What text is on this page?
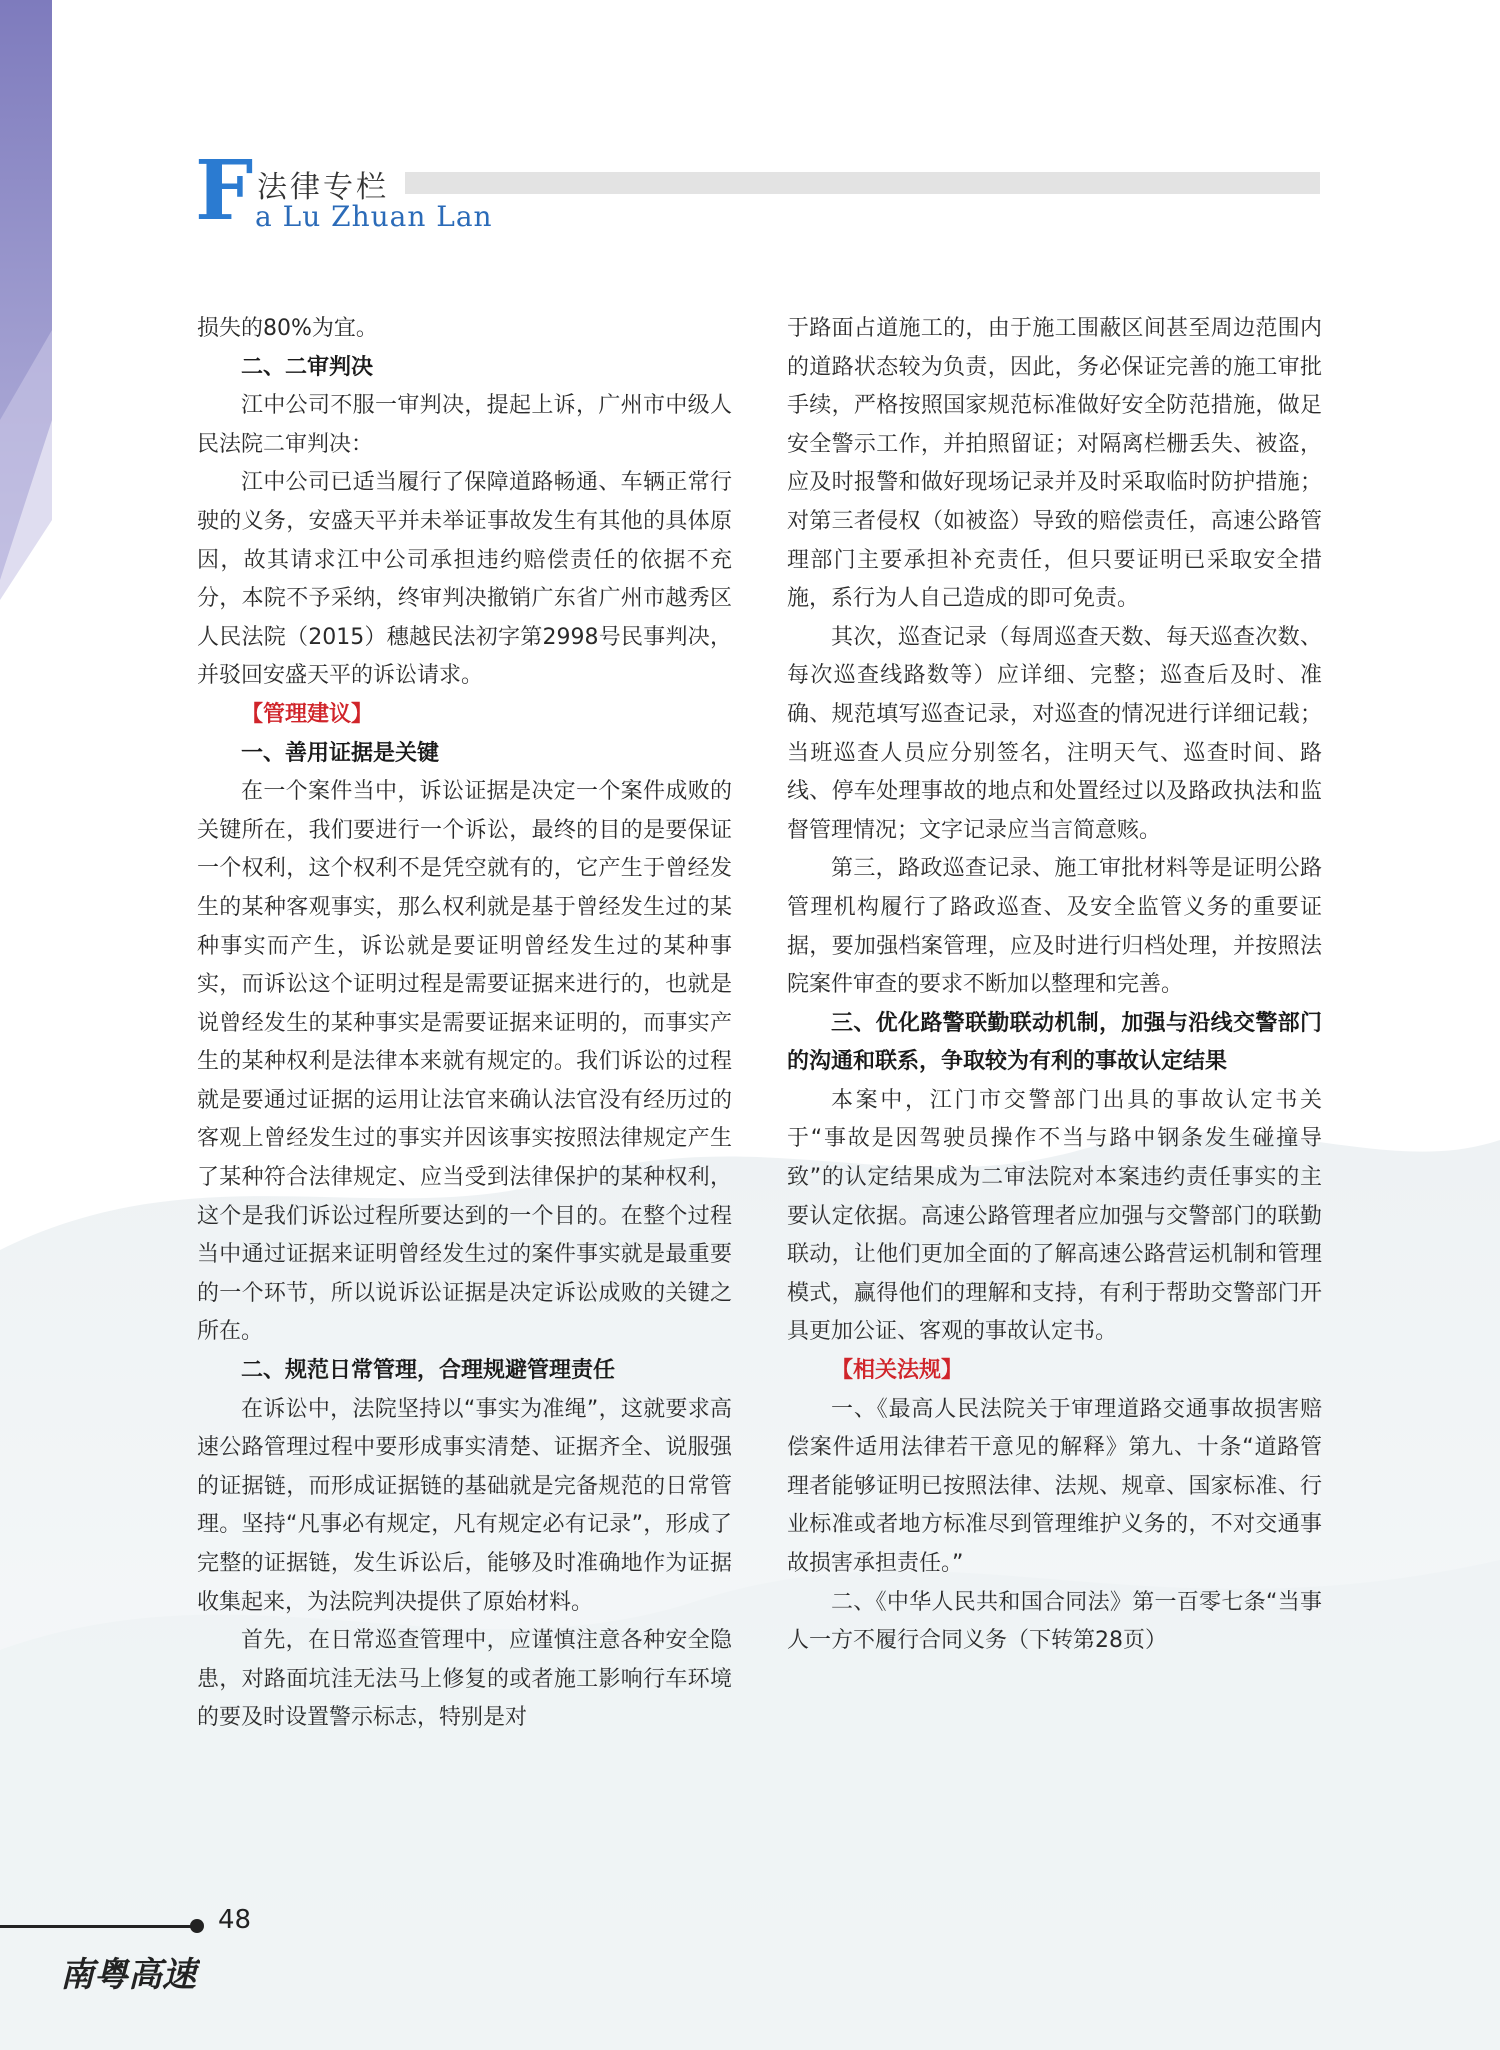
F 法律专栏
a Lu Zhuan Lan

损失的80%为宜。

二、二审判决

江中公司不服一审判决，提起上诉，广州市中级人民法院二审判决：

江中公司已适当履行了保障道路畅通、车辆正常行驶的义务，安盛天平并未举证事故发生有其他的具体原因，故其请求江中公司承担违约赔偿责任的依据不充分，本院不予采纳，终审判决撤销广东省广州市越秀区人民法院（2015）穗越民法初字第2998号民事判决，并驳回安盛天平的诉讼请求。

【管理建议】

一、善用证据是关键

在一个案件当中，诉讼证据是决定一个案件成败的关键所在，我们要进行一个诉讼，最终的目的是要保证一个权利，这个权利不是凭空就有的，它产生于曾经发生的某种客观事实，那么权利就是基于曾经发生过的某种事实而产生，诉讼就是要证明曾经发生过的某种事实，而诉讼这个证明过程是需要证据来进行的，也就是说曾经发生的某种事实是需要证据来证明的，而事实产生的某种权利是法律本来就有规定的。我们诉讼的过程就是要通过证据的运用让法官来确认法官没有经历过的客观上曾经发生过的事实并因该事实按照法律规定产生了某种符合法律规定、应当受到法律保护的某种权利，这个是我们诉讼过程所要达到的一个目的。在整个过程当中通过证据来证明曾经发生过的案件事实就是最重要的一个环节，所以说诉讼证据是决定诉讼成败的关键之所在。

二、规范日常管理，合理规避管理责任

在诉讼中，法院坚持以“事实为准绳”，这就要求高速公路管理过程中要形成事实清楚、证据齐全、说服强的证据链，而形成证据链的基础就是完备规范的日常管理。坚持“凡事必有规定，凡有规定必有记录”，形成了完整的证据链，发生诉讼后，能够及时准确地作为证据收集起来，为法院判决提供了原始材料。

首先，在日常巡查管理中，应谨慎注意各种安全隐患，对路面坑洼无法马上修复的或者施工影响行车环境的要及时设置警示标志，特别是对

于路面占道施工的，由于施工围蔽区间甚至周边范围内的道路状态较为负责，因此，务必保证完善的施工审批手续，严格按照国家规范标准做好安全防范措施，做足安全警示工作，并拍照留证；对隔离栏栅丢失、被盗，应及时报警和做好现场记录并及时采取临时防护措施；对第三者侵权（如被盗）导致的赔偿责任，高速公路管理部门主要承担补充责任，但只要证明已采取安全措施，系行为人自己造成的即可免责。

其次，巡查记录（每周巡查天数、每天巡查次数、每次巡查线路数等）应详细、完整；巡查后及时、准确、规范填写巡查记录，对巡查的情况进行详细记载；当班巡查人员应分别签名，注明天气、巡查时间、路线、停车处理事故的地点和处置经过以及路政执法和监督管理情况；文字记录应当言简意赅。

第三，路政巡查记录、施工审批材料等是证明公路管理机构履行了路政巡查、及安全监管义务的重要证据，要加强档案管理，应及时进行归档处理，并按照法院案件审查的要求不断加以整理和完善。

三、优化路警联勤联动机制，加强与沿线交警部门的沟通和联系，争取较为有利的事故认定结果

本案中，江门市交警部门出具的事故认定书关于“事故是因驾驶员操作不当与路中钢条发生碰撞导致”的认定结果成为二审法院对本案违约责任事实的主要认定依据。高速公路管理者应加强与交警部门的联勤联动，让他们更加全面的了解高速公路营运机制和管理模式，赢得他们的理解和支持，有利于帮助交警部门开具更加公证、客观的事故认定书。

【相关法规】

一、《最高人民法院关于审理道路交通事故损害赔偿案件适用法律若干意见的解释》第九、十条“道路管理者能够证明已按照法律、法规、规章、国家标准、行业标准或者地方标准尽到管理维护义务的，不对交通事故损害承担责任。”

二、《中华人民共和国合同法》第一百零七条“当事人一方不履行合同义务（下转第28页）

48
南粤高速
